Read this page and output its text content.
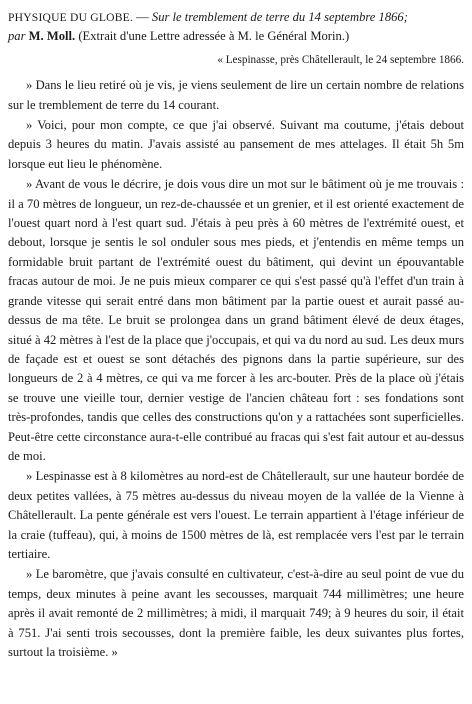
PHYSIQUE DU GLOBE. — Sur le tremblement de terre du 14 septembre 1866;
par M. Moll. (Extrait d'une Lettre adressée à M. le Général Morin.)
« Lespinasse, près Châtellerault, le 24 septembre 1866.

» Dans le lieu retiré où je vis, je viens seulement de lire un certain nombre de relations sur le tremblement de terre du 14 courant.

» Voici, pour mon compte, ce que j'ai observé. Suivant ma coutume, j'étais debout depuis 3 heures du matin. J'avais assisté au pansement de mes attelages. Il était 5h 5m lorsque eut lieu le phénomène.

» Avant de vous le décrire, je dois vous dire un mot sur le bâtiment où je me trouvais : il a 70 mètres de longueur, un rez-de-chaussée et un grenier, et il est orienté exactement de l'ouest quart nord à l'est quart sud. J'étais à peu près à 60 mètres de l'extrémité ouest, et debout, lorsque je sentis le sol onduler sous mes pieds, et j'entendis en même temps un formidable bruit partant de l'extrémité ouest du bâtiment, qui devint un épouvantable fracas autour de moi. Je ne puis mieux comparer ce qui s'est passé qu'à l'effet d'un train à grande vitesse qui serait entré dans mon bâtiment par la partie ouest et aurait passé au-dessus de ma tête. Le bruit se prolongea dans un grand bâtiment élevé de deux étages, situé à 42 mètres à l'est de la place que j'occupais, et qui va du nord au sud. Les deux murs de façade est et ouest se sont détachés des pignons dans la partie supérieure, sur des longueurs de 2 à 4 mètres, ce qui va me forcer à les arc-bouter. Près de la place où j'étais se trouve une vieille tour, dernier vestige de l'ancien château fort : ses fondations sont très-profondes, tandis que celles des constructions qu'on y a rattachées sont superficielles. Peut-être cette circonstance aura-t-elle contribué au fracas qui s'est fait autour et au-dessus de moi.

» Lespinasse est à 8 kilomètres au nord-est de Châtellerault, sur une hauteur bordée de deux petites vallées, à 75 mètres au-dessus du niveau moyen de la vallée de la Vienne à Châtellerault. La pente générale est vers l'ouest. Le terrain appartient à l'étage inférieur de la craie (tuffeau), qui, à moins de 1500 mètres de là, est remplacée vers l'est par le terrain tertiaire.

» Le baromètre, que j'avais consulté en cultivateur, c'est-à-dire au seul point de vue du temps, deux minutes à peine avant les secousses, marquait 744 millimètres; une heure après il avait remonté de 2 millimètres; à midi, il marquait 749; à 9 heures du soir, il était à 751. J'ai senti trois secousses, dont la première faible, les deux suivantes plus fortes, surtout la troisième. »
